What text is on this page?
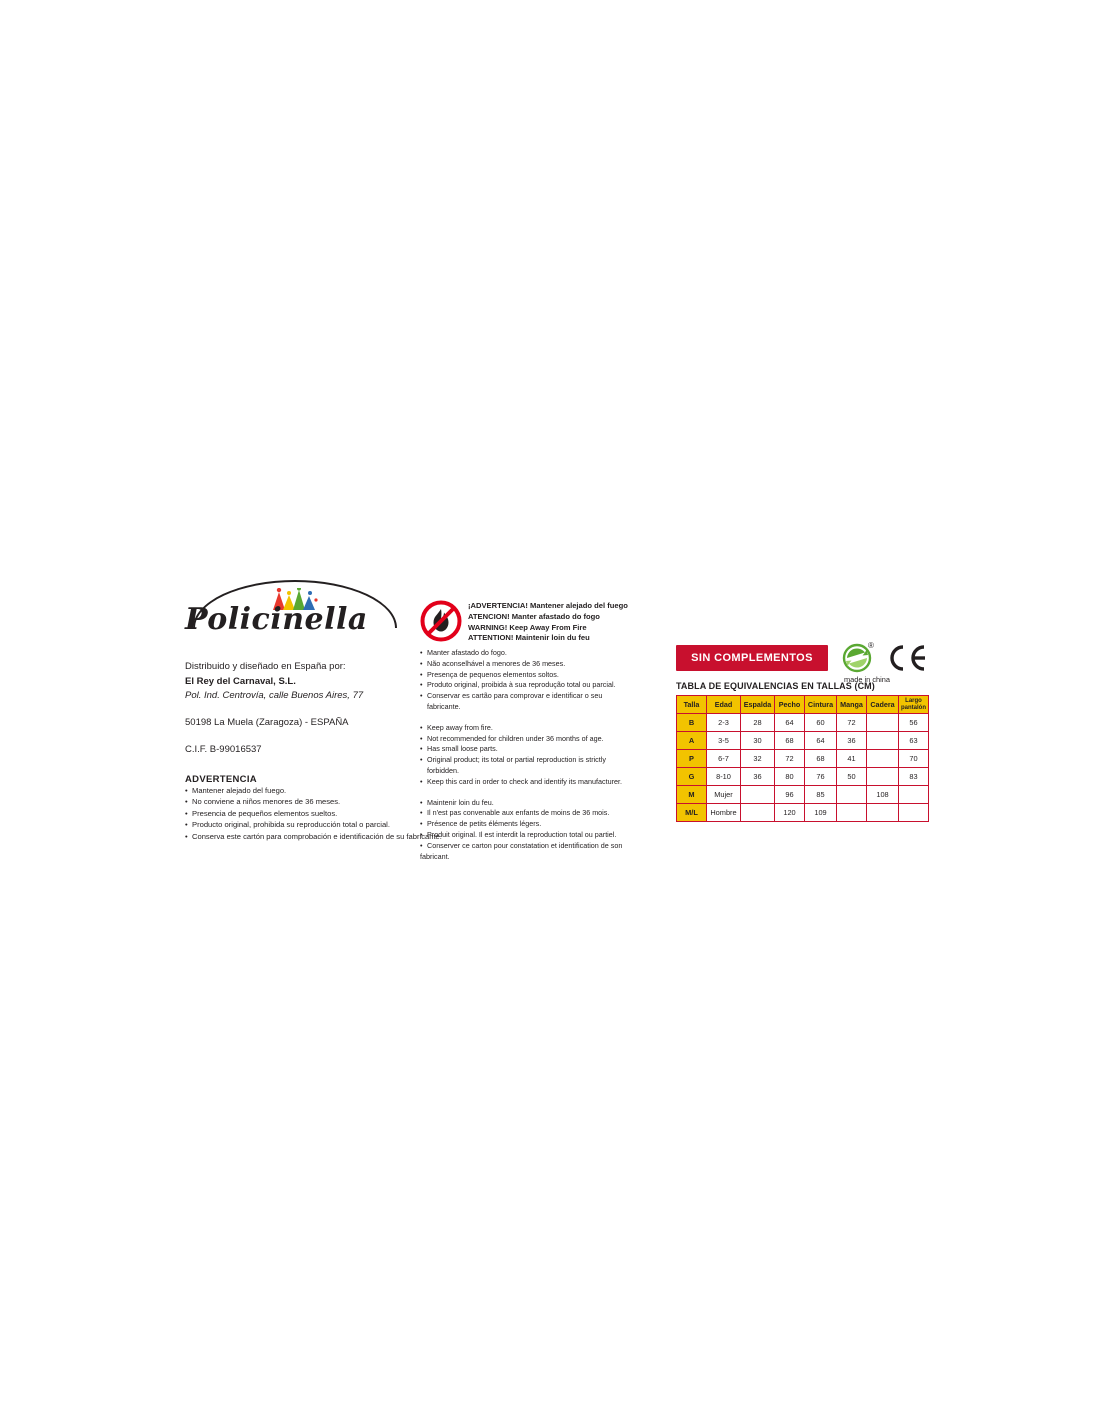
Policinella
Distribuido y diseñado en España por:
El Rey del Carnaval, S.L.
Pol. Ind. Centrovía, calle Buenos Aires, 77
50198 La Muela (Zaragoza) - ESPAÑA
C.I.F. B-99016537
ADVERTENCIA
• Mantener alejado del fuego.
• No conviene a niños menores de 36 meses.
• Presencia de pequeños elementos sueltos.
• Producto original, prohibida su reproducción total o parcial.
• Conserva este cartón para comprobación e identificación de su fabricante.
¡ADVERTENCIA! Mantener alejado del fuego
ATENCION! Manter afastado do fogo
WARNING! Keep Away From Fire
ATTENTION! Maintenir loin du feu
• Manter afastado do fogo.
• Não aconselhável a menores de 36 meses.
• Presença de pequenos elementos soltos.
• Produto original, proibida à sua reprodução total ou parcial.
• Conservar es cartão para comprovar e identificar o seu fabricante.
• Keep away from fire.
• Not recommended for children under 36 months of age.
• Has small loose parts.
• Original product; its total or partial reproduction is strictly forbidden.
• Keep this card in order to check and identify its manufacturer.
• Maintenir loin du feu.
• Il n'est pas convenable aux enfants de moins de 36 mois.
• Présence de petits éléments légers.
• Produit original. Il est interdit la reproduction total ou partiel.
• Conserver ce carton pour constatation et identification de son
fabricant.
SIN COMPLEMENTOS
®
made in china
TABLA DE EQUIVALENCIAS EN TALLAS (CM)
Talla	Edad	Espalda	Pecho	Cintura	Manga	Cadera	Largo
pantalón

B	2-3	28	64	60	72		56
A	3-5	30	68	64	36		63
P	6-7	32	72	68	41		70
G	8-10	36	80	76	50		83
M	Mujer		96	85		108	
M/L	Hombre		120	109			
